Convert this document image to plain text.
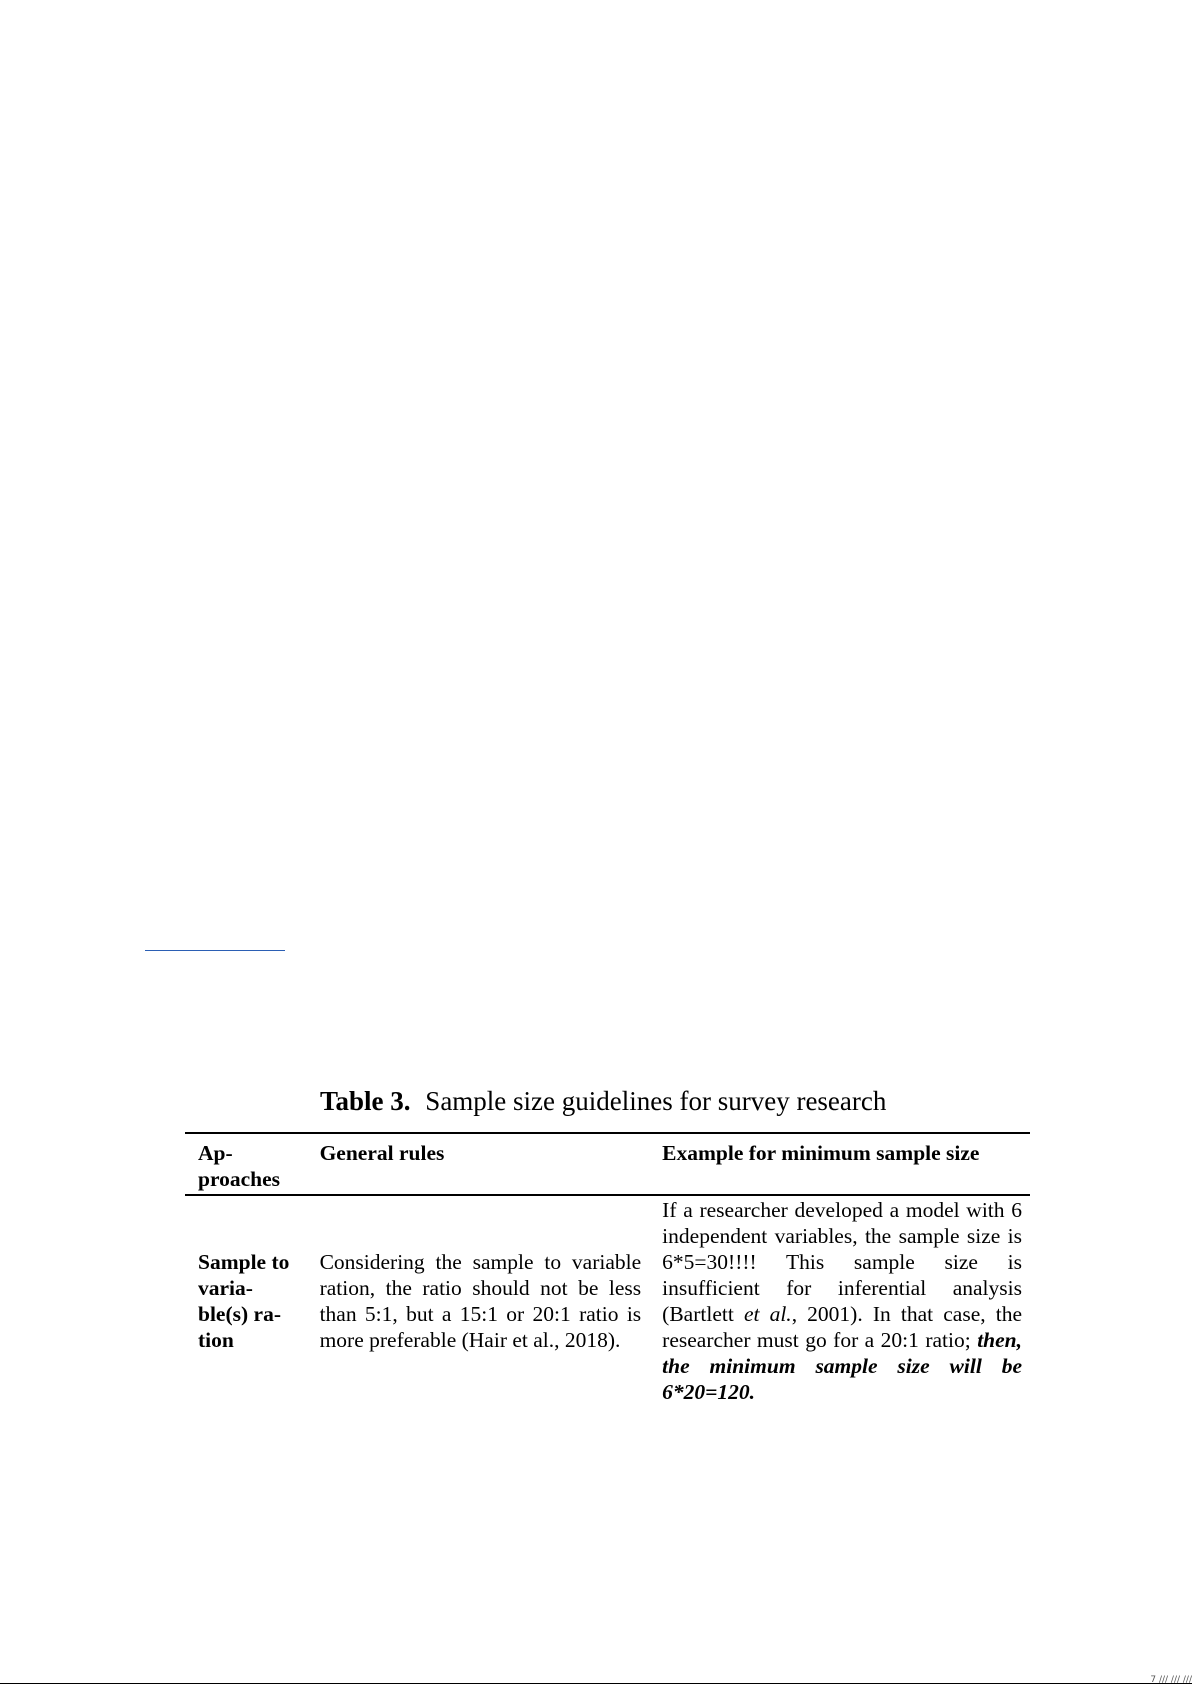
Table 3. Sample size guidelines for survey research
Ap- proaches	General rules	Example for minimum sample size
Sample to varia- ble(s) ra- tion	Considering the sample to variable ration, the ratio should not be less than 5:1, but a 15:1 or 20:1 ratio is more preferable (Hair et al., 2018).	If a researcher developed a model with 6 independent variables, the sample size is 6*5=30!!!! This sample size is insufficient for inferential analysis (Bartlett et al., 2001). In that case, the researcher must go for a 20:1 ratio; then, the minimum sample size will be 6*20=120.
7 /// /// ///
